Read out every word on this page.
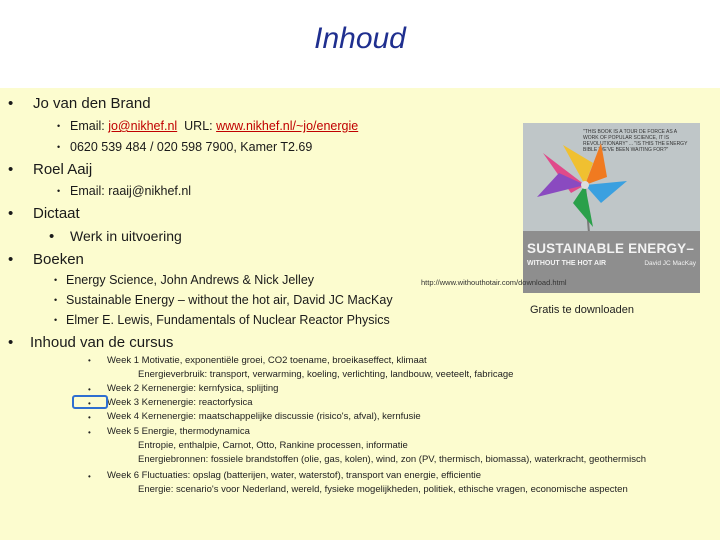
Inhoud
• Jo van den Brand
• Email: jo@nikhef.nl URL: www.nikhef.nl/~jo/energie
• 0620 539 484 / 020 598 7900, Kamer T2.69
• Roel Aaij
• Email: raaij@nikhef.nl
• Dictaat
• Werk in uitvoering
• Boeken
• Energy Science, John Andrews & Nick Jelley
• Sustainable Energy – without the hot air, David JC MacKay
• Elmer E. Lewis, Fundamentals of Nuclear Reactor Physics
"THIS BOOK IS A TOUR DE FORCE AS A WORK OF POPULAR SCIENCE, IT IS REVOLUTIONARY" ... "IS THIS THE ENERGY BIBLE WE'VE BEEN WAITING FOR?"
SUSTAINABLE ENERGY–
WITHOUT THE HOT AIR	David JC MacKay
http://www.withouthotair.com/download.html
Gratis te downloaden
• Inhoud van de cursus
• Week 1 Motivatie, exponentiële groei, CO2 toename, broeikaseffect, klimaat
Energieverbruik: transport, verwarming, koeling, verlichting, landbouw, veeteelt, fabricage
• Week 2 Kernenergie: kernfysica, splijting
• Week 3 Kernenergie: reactorfysica
• Week 4 Kernenergie: maatschappelijke discussie (risico's, afval), kernfusie
• Week 5 Energie, thermodynamica
Entropie, enthalpie, Carnot, Otto, Rankine processen, informatie
Energiebronnen: fossiele brandstoffen (olie, gas, kolen), wind, zon (PV, thermisch, biomassa), waterkracht, geothermisch
• Week 6 Fluctuaties: opslag (batterijen, water, waterstof), transport van energie, efficientie
Energie: scenario's voor Nederland, wereld, fysieke mogelijkheden, politiek, ethische vragen, economische aspecten
